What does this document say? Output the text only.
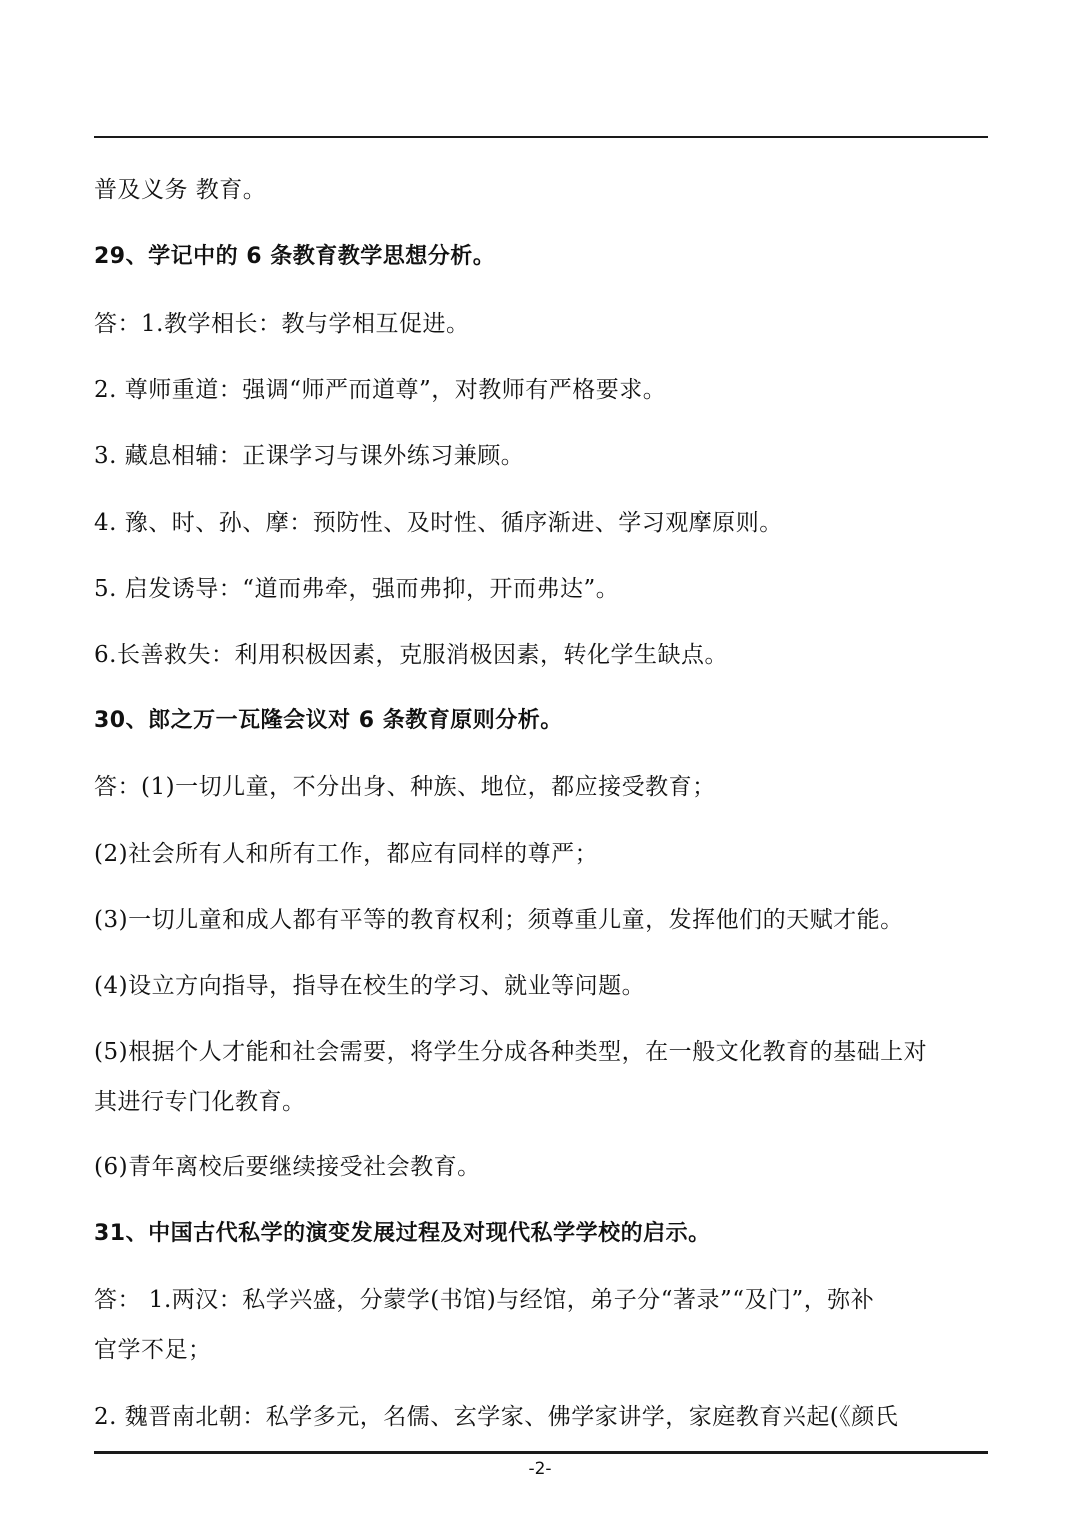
普及义务 教育。
29、学记中的 6 条教育教学思想分析。
答：1.教学相长：教与学相互促进。
2. 尊师重道：强调“师严而道尊”，对教师有严格要求。
3. 藏息相辅：正课学习与课外练习兼顾。
4. 豫、时、孙、摩：预防性、及时性、循序渐进、学习观摩原则。
5. 启发诱导：“道而弗牵，强而弗抑，开而弗达”。
6.长善救失：利用积极因素，克服消极因素，转化学生缺点。
30、郎之万一瓦隆会议对 6 条教育原则分析。
答：(1)一切儿童，不分出身、种族、地位，都应接受教育；
(2)社会所有人和所有工作，都应有同样的尊严；
(3)一切儿童和成人都有平等的教育权利；须尊重儿童，发挥他们的天赋才能。
(4)设立方向指导，指导在校生的学习、就业等问题。
(5)根据个人才能和社会需要，将学生分成各种类型，在一般文化教育的基础上对
其进行专门化教育。
(6)青年离校后要继续接受社会教育。
31、中国古代私学的演变发展过程及对现代私学学校的启示。
答： 1.两汉：私学兴盛，分蒙学(书馆)与经馆，弟子分“著录”“及门”，弥补
官学不足；
2. 魏晋南北朝：私学多元，名儒、玄学家、佛学家讲学，家庭教育兴起(《颜氏
-2-
